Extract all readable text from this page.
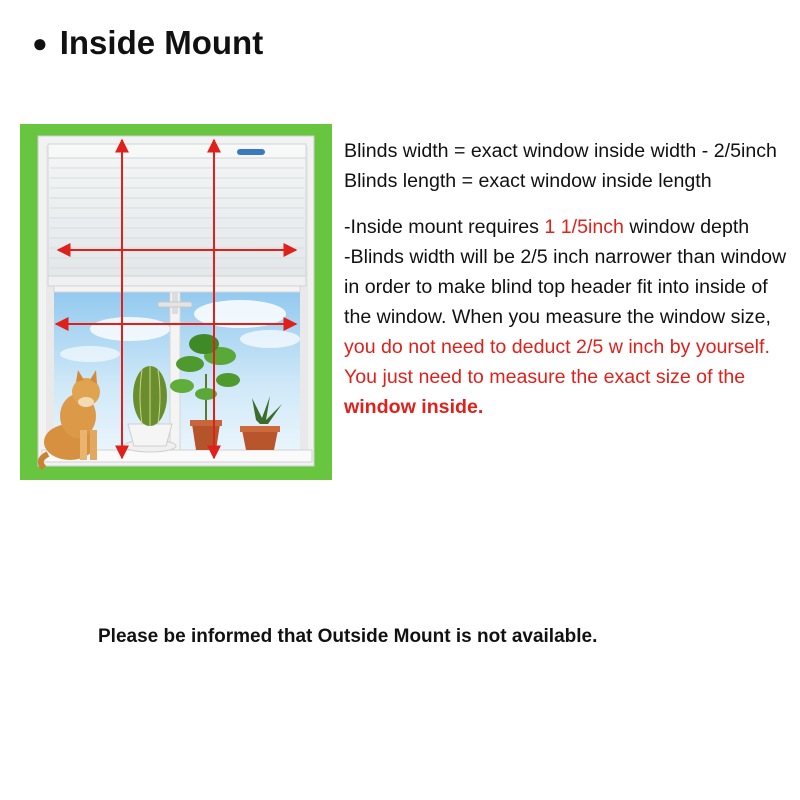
● Inside Mount

Blinds width = exact window inside width - 2/5inch

Blinds length = exact window inside length

-Inside mount requires 1 1/5inch window depth

-Blinds width will be 2/5 inch narrower than window in order to make blind top header fit into inside of the window. When you measure the window size, you do not need to deduct 2/5 w inch by yourself. You just need to measure the exact size of the window inside.

Please be informed that Outside Mount is not available.
